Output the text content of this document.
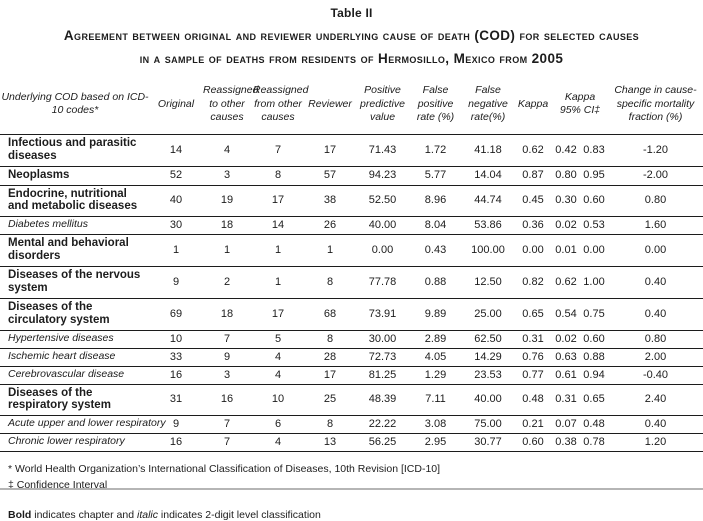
Table II
Agreement between original and reviewer underlying cause of death (COD) for selected causes
in a sample of deaths from residents of Hermosillo, Mexico from 2005
Underlying COD based on ICD-10 codes*	Original	Reassigned to other causes	Reassigned from other causes	Reviewer	Positive predictive value	False positive rate (%)	False negative rate(%)	Kappa	Kappa 95% CI‡		Change in cause-specific mortality fraction (%)
Infectious and parasitic diseases	14	4	7	17	71.43	1.72	41.18	0.62	0.42	0.83	-1.20
Neoplasms	52	3	8	57	94.23	5.77	14.04	0.87	0.80	0.95	-2.00
Endocrine, nutritional and metabolic diseases	40	19	17	38	52.50	8.96	44.74	0.45	0.30	0.60	0.80
Diabetes mellitus	30	18	14	26	40.00	8.04	53.86	0.36	0.02	0.53	1.60
Mental and behavioral disorders	1	1	1	1	0.00	0.43	100.00	0.00	0.01	0.00	0.00
Diseases of the nervous system	9	2	1	8	77.78	0.88	12.50	0.82	0.62	1.00	0.40
Diseases of the circulatory system	69	18	17	68	73.91	9.89	25.00	0.65	0.54	0.75	0.40
Hypertensive diseases	10	7	5	8	30.00	2.89	62.50	0.31	0.02	0.60	0.80
Ischemic heart disease	33	9	4	28	72.73	4.05	14.29	0.76	0.63	0.88	2.00
Cerebrovascular disease	16	3	4	17	81.25	1.29	23.53	0.77	0.61	0.94	-0.40
Diseases of the respiratory system	31	16	10	25	48.39	7.11	40.00	0.48	0.31	0.65	2.40
Acute upper and lower respiratory	9	7	6	8	22.22	3.08	75.00	0.21	0.07	0.48	0.40
Chronic lower respiratory	16	7	4	13	56.25	2.95	30.77	0.60	0.38	0.78	1.20
* World Health Organization’s International Classification of Diseases, 10th Revision [ICD-10]
‡ Confidence Interval
Bold indicates chapter and italic indicates 2-digit level classification
